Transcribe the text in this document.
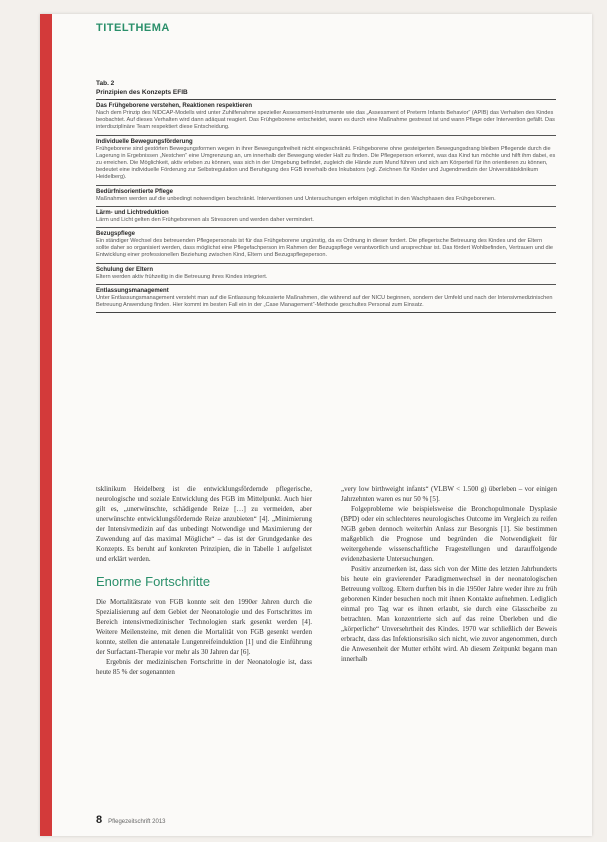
TITELTHEMA
Tab. 2
Prinzipien des Konzepts EFIB
Das Frühgeborene verstehen, Reaktionen respektieren
Nach dem Prinzip des NIDCAP-Modells wird unter Zuhilfenahme spezieller Assessment-Instrumente wie das „Assessment of Preterm Infants Behavior“ (APIB) das Verhalten des Kindes beobachtet. Auf dieses Verhalten wird dann adäquat reagiert. Das Frühgeborene entscheidet, wann es durch eine Maßnahme gestresst ist und wann Pflege oder Intervention gefällt. Das interdisziplinäre Team respektiert diese Entscheidung.
Individuelle Bewegungsförderung
Frühgeborene sind gestörten Bewegungsformen wegen in ihrer Bewegungsfreiheit nicht eingeschränkt. Frühgeborene ohne gesteigerten Bewegungsdrang bleiben Pflegende durch die Lagerung in Ergebnissen „Nestchen“ eine Umgrenzung an, um innerhalb der Bewegung wieder Halt zu finden. Die Pflegeperson erkennt, was das Kind tun möchte und hilft ihm dabei, es zu erreichen. Die Möglichkeit, aktiv erleben zu können, was sich in der Umgebung befindet, zugleich die Hände zum Mund führen und sich am Körperteil für ihn orientieren zu können, bedeutet eine individuelle Förderung zur Selbstregulation und Beruhigung des FGB innerhalb des Inkubators (vgl. Zeichnen für Kinder und Jugendmedizin der Universitätsklinikum Heidelberg).
Bedürfnisorientierte Pflege
Maßnahmen werden auf die unbedingt notwendigen beschränkt. Interventionen und Untersuchungen erfolgen möglichst in den Wachphasen des Frühgeborenen.
Lärm- und Lichtreduktion
Lärm und Licht gelten den Frühgeborenen als Stressoren und werden daher vermindert.
Bezugspflege
Ein ständiger Wechsel des betreuenden Pflegepersonals ist für das Frühgeborene ungünstig, da es Ordnung in dieser fordert. Die pflegerische Betreuung des Kindes und der Eltern sollte daher so organisiert werden, dass möglichst eine Pflegefachperson im Rahmen der Bezugspflege verantwortlich und ansprechbar ist. Das fördert Wohlbefinden, Vertrauen und die Entwicklung einer professionellen Beziehung zwischen Kind, Eltern und Bezugspflegeperson.
Schulung der Eltern
Eltern werden aktiv frühzeitig in die Betreuung ihres Kindes integriert.
Entlassungsmanagement
Unter Entlassungsmanagement versteht man auf die Entlassung fokussierte Maßnahmen, die während auf der NICU beginnen, sondern der Umfeld und nach der Intensivmedizinischen Betreuung Anwendung finden. Hier kommt im besten Fall ein in der „Case Management“-Methode geschultes Personal zum Einsatz.

tsklinikum Heidelberg ist die entwicklungsfördernde pflegerische, neurologische und soziale Entwicklung des FGB im Mittelpunkt. Auch hier gilt es, „unerwünschte, schädigende Reize […] zu vermeiden, aber unerwünschte entwicklungsfördernde Reize anzubieten“ [4]. „Minimierung der Intensivmedizin auf das unbedingt Notwendige und Maximierung der Zuwendung auf das maximal Mögliche“ – das ist der Grundgedanke des Konzepts. Es beruht auf konkreten Prinzipien, die in Tabelle 1 aufgelistet und erklärt werden.

Enorme Fortschritte

Die Mortalitätsrate von FGB konnte seit den 1990er Jahren durch die Spezialisierung auf dem Gebiet der Neonatologie und des Fortschrittes im Bereich intensivmedizinischer Technologien stark gesenkt werden [4]. Weitere Meilensteine, mit denen die Mortalität von FGB gesenkt werden konnte, stellen die antenatale Lungenreifeinduktion [1] und die Einführung der Surfactant-Therapie vor mehr als 30 Jahren dar [6].

Ergebnis der medizinischen Fortschritte in der Neonatologie ist, dass heute 85 % der sogenannten

„very low birthweight infants“ (VLBW < 1.500 g) überleben – vor einigen Jahrzehnten waren es nur 50 % [5].

Folgeprobleme wie beispielsweise die Bronchopulmonale Dysplasie (BPD) oder ein schlechteres neurologisches Outcome im Vergleich zu reifen NGB geben dennoch weiterhin Anlass zur Besorgnis [1]. Sie bestimmen maßgeblich die Prognose und begründen die Notwendigkeit für weitergehende wissenschaftliche Fragestellungen und darauffolgende evidenzbasierte Untersuchungen.

Positiv anzumerken ist, dass sich von der Mitte des letzten Jahrhunderts bis heute ein gravierender Paradigmenwechsel in der neonatologischen Betreuung vollzog. Eltern durften bis in die 1950er Jahre weder ihre zu früh geborenen Kinder besuchen noch mit ihnen Kontakte aufnehmen. Lediglich einmal pro Tag war es ihnen erlaubt, sie durch eine Glasscheibe zu betrachten. Man konzentrierte sich auf das reine Überleben und die „körperliche“ Unversehrtheit des Kindes. 1970 war schließlich der Beweis erbracht, dass das Infektionsrisiko sich nicht, wie zuvor angenommen, durch die Anwesenheit der Mutter erhöht wird. Ab diesem Zeitpunkt begann man innerhalb

8 Pflegezeitschrift 2013
